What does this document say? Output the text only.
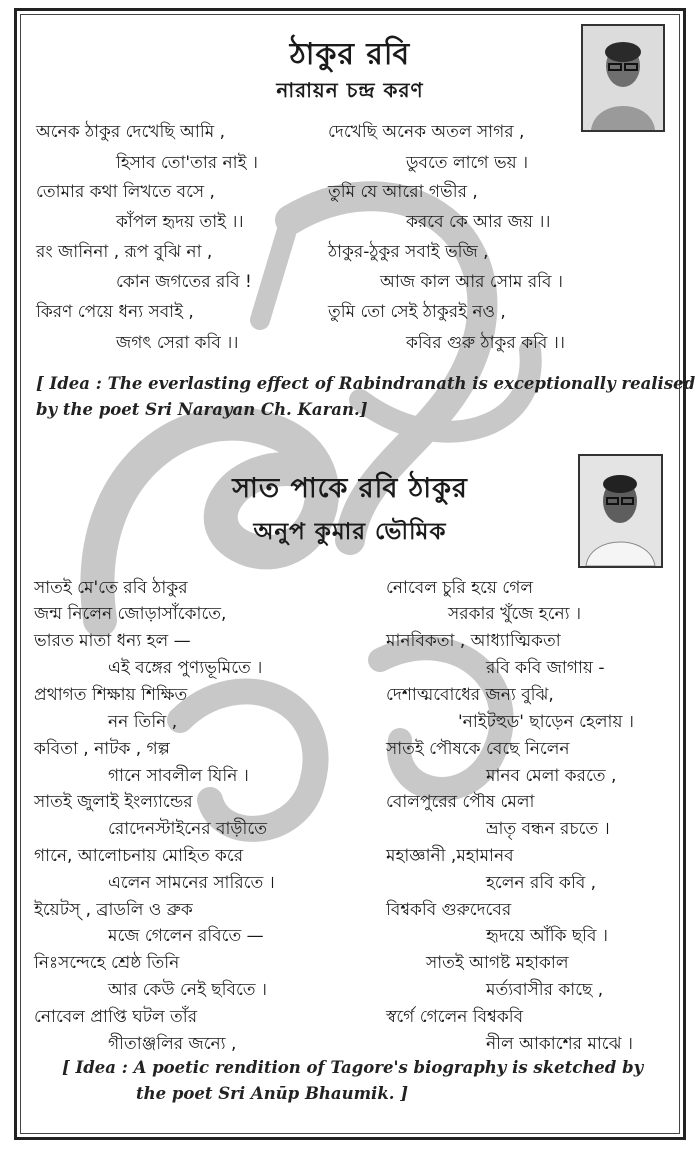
ঠাকুর রবি
নারায়ন চন্দ্র করণ
অনেক ঠাকুর দেখেছি আমি ,
হিসাব তো'তার নাই ।
তোমার কথা লিখতে বসে ,
কাঁপল হৃদয় তাই ।।
রং জানিনা , রূপ বুঝি না ,
কোন জগতের রবি !
কিরণ পেয়ে ধন্য সবাই ,
জগৎ সেরা কবি ।।
দেখেছি অনেক অতল সাগর ,
ডুবতে লাগে ভয় ।
তুমি যে আরো গভীর ,
করবে কে আর জয় ।।
ঠাকুর-ঠুকুর সবাই ভজি ,
আজ কাল আর সোম রবি ।
তুমি তো সেই ঠাকুরই নও ,
কবির গুরু ঠাকুর কবি ।।
[ Idea : The everlasting effect of Rabindranath is exceptionally realised
by the poet Sri Narayan Ch. Karan.]
সাত পাকে রবি ঠাকুর
অনুপ কুমার ভৌমিক
সাতই মে'তে রবি ঠাকুর
জন্ম নিলেন জোড়াসাঁকোতে,
ভারত মাতা ধন্য হল —
এই বঙ্গের পুণ্যভূমিতে ।
প্রথাগত শিক্ষায় শিক্ষিত
নন তিনি ,
কবিতা , নাটক , গল্প
গানে সাবলীল যিনি ।
সাতই জুলাই ইংল্যান্ডের
রোদেনস্টাইনের বাড়ীতে
গানে, আলোচনায় মোহিত করে
এলেন সামনের সারিতে ।
ইয়েটস্ , ব্রাডলি ও ব্রুক
মজে গেলেন রবিতে —
নিঃসন্দেহে শ্রেষ্ঠ তিনি
আর কেউ নেই ছবিতে ।
নোবেল প্রাপ্তি ঘটল তাঁর
গীতাঞ্জলির জন্যে ,
নোবেল চুরি হয়ে গেল
সরকার খুঁজে হন্যে ।
মানবিকতা , আধ্যাত্মিকতা
রবি কবি জাগায় -
দেশাত্মবোধের জন্য বুঝি,
'নাইটহুড' ছাড়েন হেলায় ।
সাতই পৌষকে বেছে নিলেন
মানব মেলা করতে ,
বোলপুরের পৌষ মেলা
ভ্রাতৃ বন্ধন রচতে ।
মহাজ্ঞানী ,মহামানব
হলেন রবি কবি ,
বিশ্বকবি গুরুদেবের
হৃদয়ে আঁকি ছবি ।
সাতই আগষ্ট মহাকাল
মর্ত্যবাসীর কাছে ,
স্বর্গে গেলেন বিশ্বকবি
নীল আকাশের মাঝে ।
[ Idea : A poetic rendition of Tagore's biography is sketched by
the poet Sri Anūp Bhaumik. ]
